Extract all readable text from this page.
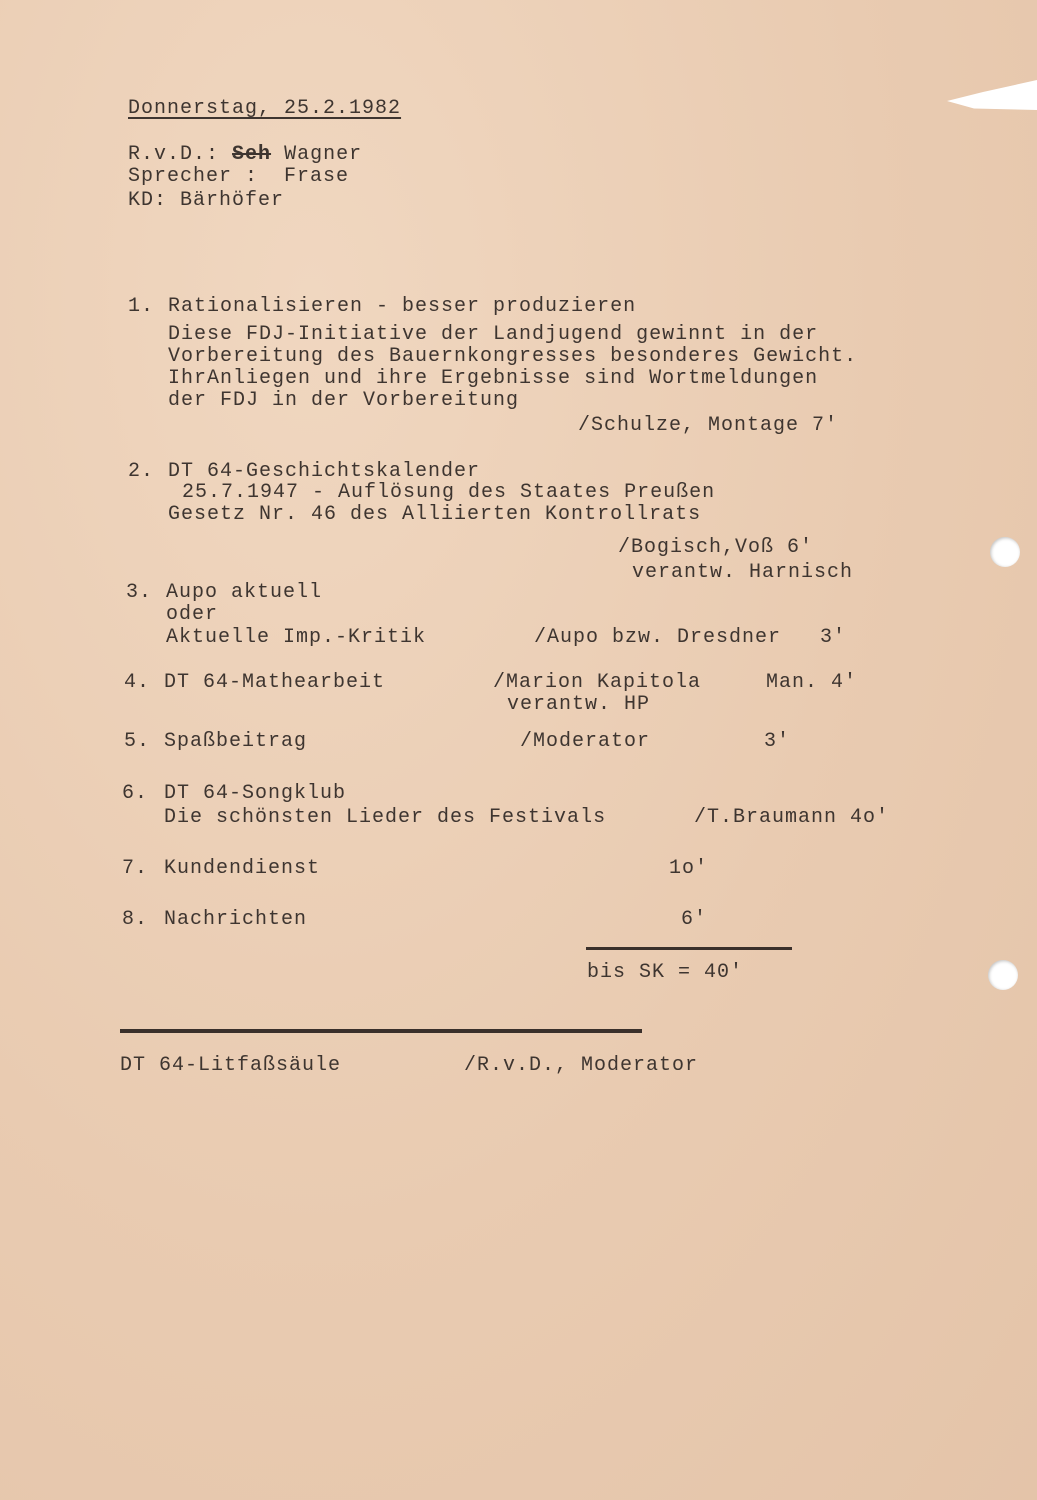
Donnerstag, 25.2.1982
R.v.D.: Seh Wagner
Sprecher : Frase
KD: Bärhöfer
1. Rationalisieren - besser produzieren
Diese FDJ-Initiative der Landjugend gewinnt in der
Vorbereitung des Bauernkongresses besonderes Gewicht.
IhrAnliegen und ihre Ergebnisse sind Wortmeldungen
der FDJ in der Vorbereitung
/Schulze, Montage 7'
2. DT 64-Geschichtskalender
25.7.1947 - Auflösung des Staates Preußen
Gesetz Nr. 46 des Alliierten Kontrollrats
/Bogisch,Voß 6'
verantw. Harnisch
3. Aupo aktuell
oder
Aktuelle Imp.-Kritik	/Aupo bzw. Dresdner 3'
4. DT 64-Mathearbeit	/Marion Kapitola	Man. 4'
verantw. HP
5. Spaßbeitrag	/Moderator	3'
6. DT 64-Songklub
Die schönsten Lieder des Festivals	/T.Braumann 4o'
7. Kundendienst	1o'
8. Nachrichten	6'
bis SK = 40'
DT 64-Litfaßsäule	/R.v.D., Moderator
